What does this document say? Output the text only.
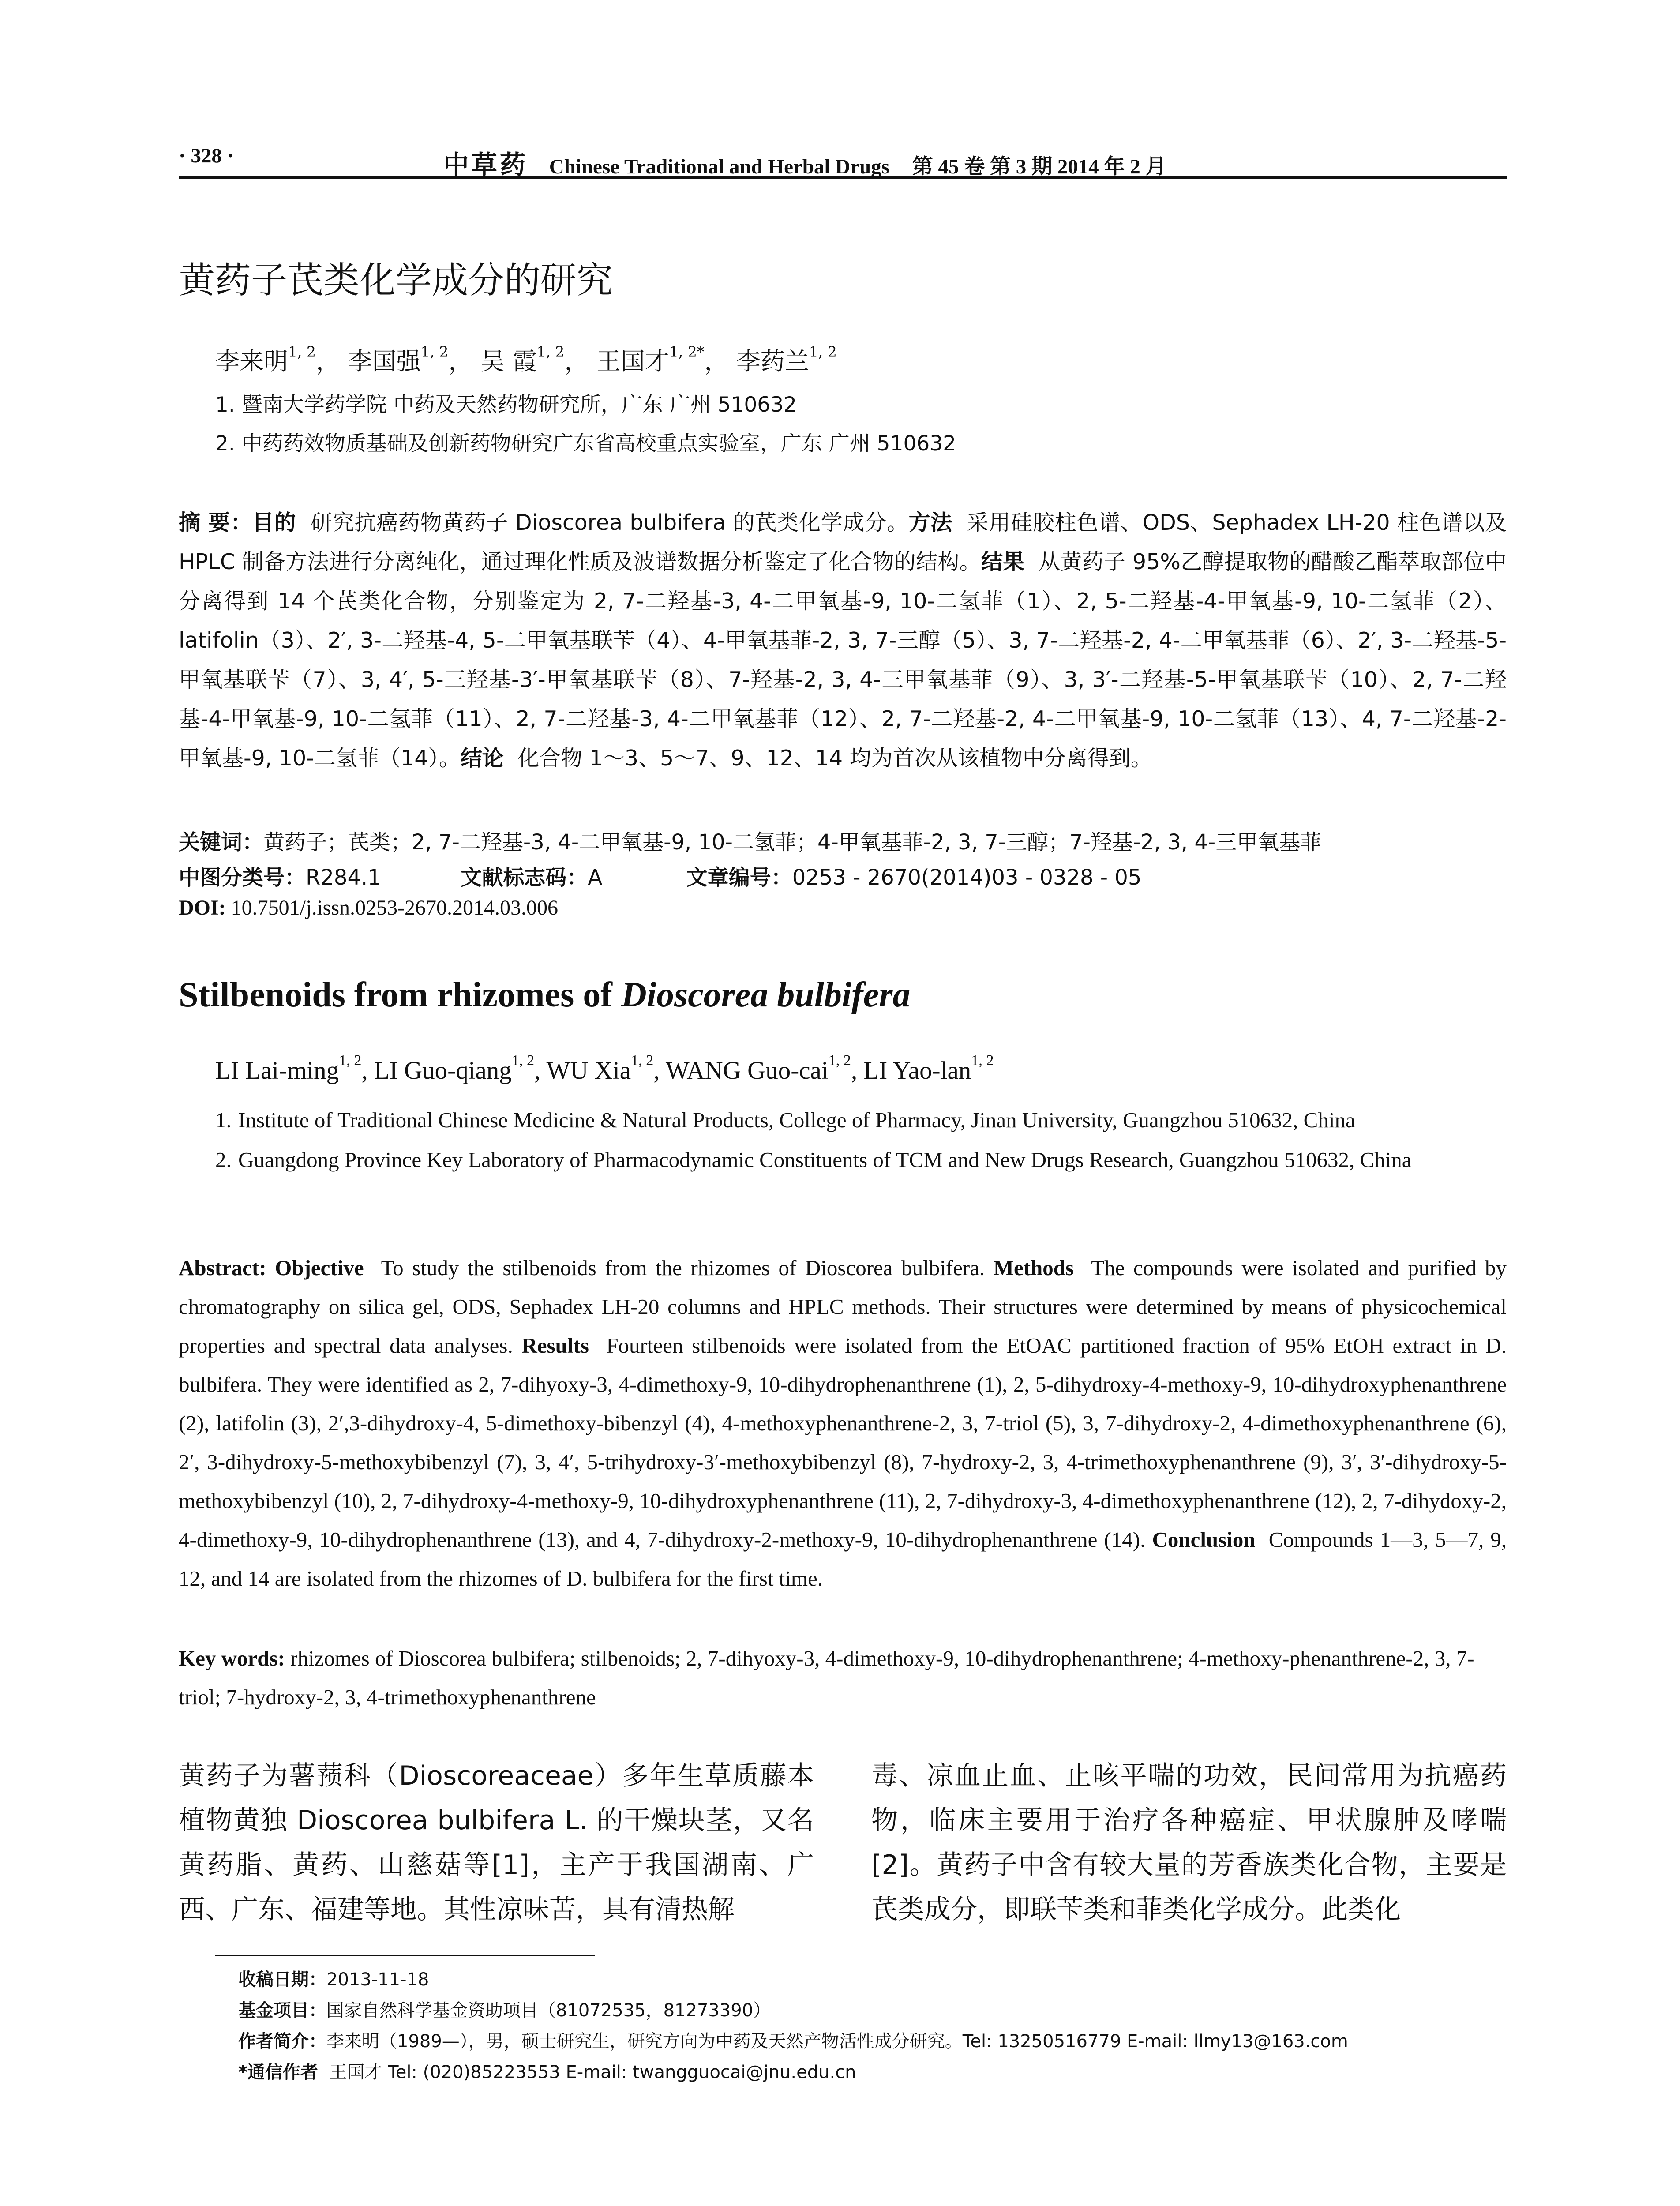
· 328 ·	中草药 Chinese Traditional and Herbal Drugs 第 45 卷 第 3 期 2014 年 2 月
黄药子芪类化学成分的研究
李来明$^{1, 2}$， 李国强$^{1, 2}$， 吴 霞$^{1, 2}$， 王国才$^{1, 2*}$， 李药兰$^{1, 2}$
1. 暨南大学药学院 中药及天然药物研究所，广东 广州 510632
2. 中药药效物质基础及创新药物研究广东省高校重点实验室，广东 广州 510632
摘 要：目的 研究抗癌药物黄药子 Dioscorea bulbifera 的芪类化学成分。方法 采用硅胶柱色谱、ODS、Sephadex LH-20 柱色谱以及 HPLC 制备方法进行分离纯化，通过理化性质及波谱数据分析鉴定了化合物的结构。结果 从黄药子 95%乙醇提取物的醋酸乙酯萃取部位中分离得到 14 个芪类化合物，分别鉴定为 2, 7-二羟基-3, 4-二甲氧基-9, 10-二氢菲（1）、2, 5-二羟基-4-甲氧基-9, 10-二氢菲（2）、latifolin（3）、2′, 3-二羟基-4, 5-二甲氧基联苄（4）、4-甲氧基菲-2, 3, 7-三醇（5）、3, 7-二羟基-2, 4-二甲氧基菲（6）、2′, 3-二羟基-5-甲氧基联苄（7）、3, 4′, 5-三羟基-3′-甲氧基联苄（8）、7-羟基-2, 3, 4-三甲氧基菲（9）、3, 3′-二羟基-5-甲氧基联苄（10）、2, 7-二羟基-4-甲氧基-9, 10-二氢菲（11）、2, 7-二羟基-3, 4-二甲氧基菲（12）、2, 7-二羟基-2, 4-二甲氧基-9, 10-二氢菲（13）、4, 7-二羟基-2-甲氧基-9, 10-二氢菲（14）。结论 化合物 1～3、5～7、9、12、14 均为首次从该植物中分离得到。
关键词：黄药子；芪类；2, 7-二羟基-3, 4-二甲氧基-9, 10-二氢菲；4-甲氧基菲-2, 3, 7-三醇；7-羟基-2, 3, 4-三甲氧基菲
中图分类号：R284.1	文献标志码：A	文章编号：0253 - 2670(2014)03 - 0328 - 05
DOI: 10.7501/j.issn.0253-2670.2014.03.006
Stilbenoids from rhizomes of Dioscorea bulbifera
LI Lai-ming$^{1, 2}$, LI Guo-qiang$^{1, 2}$, WU Xia$^{1, 2}$, WANG Guo-cai$^{1, 2}$, LI Yao-lan$^{1, 2}$
1. Institute of Traditional Chinese Medicine & Natural Products, College of Pharmacy, Jinan University, Guangzhou 510632, China
2. Guangdong Province Key Laboratory of Pharmacodynamic Constituents of TCM and New Drugs Research, Guangzhou 510632, China
Abstract: Objective To study the stilbenoids from the rhizomes of Dioscorea bulbifera. Methods The compounds were isolated and purified by chromatography on silica gel, ODS, Sephadex LH-20 columns and HPLC methods. Their structures were determined by means of physicochemical properties and spectral data analyses. Results Fourteen stilbenoids were isolated from the EtOAC partitioned fraction of 95% EtOH extract in D. bulbifera. They were identified as 2, 7-dihyoxy-3, 4-dimethoxy-9, 10-dihydrophenanthrene (1), 2, 5-dihydroxy-4-methoxy-9, 10-dihydroxyphenanthrene (2), latifolin (3), 2′,3-dihydroxy-4, 5-dimethoxy-bibenzyl (4), 4-methoxyphenanthrene-2, 3, 7-triol (5), 3, 7-dihydroxy-2, 4-dimethoxyphenanthrene (6), 2′, 3-dihydroxy-5-methoxybibenzyl (7), 3, 4′, 5-trihydroxy-3′-methoxybibenzyl (8), 7-hydroxy-2, 3, 4-trimethoxyphenanthrene (9), 3′, 3′-dihydroxy-5-methoxybibenzyl (10), 2, 7-dihydroxy-4-methoxy-9, 10-dihydroxyphenanthrene (11), 2, 7-dihydroxy-3, 4-dimethoxyphenanthrene (12), 2, 7-dihydoxy-2, 4-dimethoxy-9, 10-dihydrophenanthrene (13), and 4, 7-dihydroxy-2-methoxy-9, 10-dihydrophenanthrene (14). Conclusion Compounds 1—3, 5—7, 9, 12, and 14 are isolated from the rhizomes of D. bulbifera for the first time.
Key words: rhizomes of Dioscorea bulbifera; stilbenoids; 2, 7-dihyoxy-3, 4-dimethoxy-9, 10-dihydrophenanthrene; 4-methoxy-phenanthrene-2, 3, 7-triol; 7-hydroxy-2, 3, 4-trimethoxyphenanthrene
黄药子为薯蓣科（Dioscoreaceae）多年生草质藤本植物黄独 Dioscorea bulbifera L. 的干燥块茎，又名黄药脂、黄药、山慈菇等[1]，主产于我国湖南、广西、广东、福建等地。其性凉味苦，具有清热解
毒、凉血止血、止咳平喘的功效，民间常用为抗癌药物，临床主要用于治疗各种癌症、甲状腺肿及哮喘[2]。黄药子中含有较大量的芳香族类化合物，主要是芪类成分，即联苄类和菲类化学成分。此类化
收稿日期：2013-11-18
基金项目：国家自然科学基金资助项目（81072535，81273390）
作者简介：李来明（1989—），男，硕士研究生，研究方向为中药及天然产物活性成分研究。Tel: 13250516779 E-mail: llmy13@163.com
*通信作者 王国才 Tel: (020)85223553 E-mail: twangguocai@jnu.edu.cn
